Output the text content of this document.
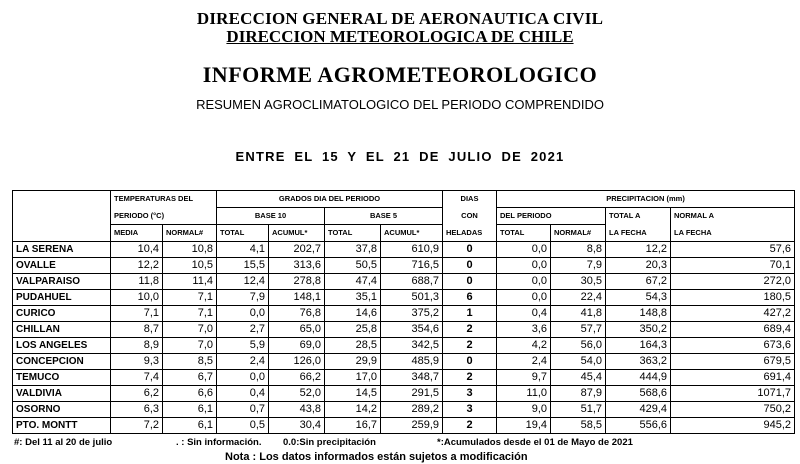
DIRECCION GENERAL DE AERONAUTICA CIVIL
DIRECCION METEOROLOGICA DE CHILE
INFORME AGROMETEOROLOGICO
RESUMEN AGROCLIMATOLOGICO DEL PERIODO COMPRENDIDO
ENTRE EL 15 Y EL 21 DE JULIO DE 2021
	TEMPERATURAS DEL		GRADOS DIA DEL PERIODO				DIAS	PRECIPITACION (mm)			
	PERIODO (°C)		BASE 10		BASE 5		CON	DEL PERIODO		TOTAL A	NORMAL A
	MEDIA	NORMAL#	TOTAL	ACUMUL*	TOTAL	ACUMUL*	HELADAS	TOTAL	NORMAL#	LA FECHA	LA FECHA
LA SERENA	10,4	10,8	4,1	202,7	37,8	610,9	0	0,0	8,8	12,2	57,6
OVALLE	12,2	10,5	15,5	313,6	50,5	716,5	0	0,0	7,9	20,3	70,1
VALPARAISO	11,8	11,4	12,4	278,8	47,4	688,7	0	0,0	30,5	67,2	272,0
PUDAHUEL	10,0	7,1	7,9	148,1	35,1	501,3	6	0,0	22,4	54,3	180,5
CURICO	7,1	7,1	0,0	76,8	14,6	375,2	1	0,4	41,8	148,8	427,2
CHILLAN	8,7	7,0	2,7	65,0	25,8	354,6	2	3,6	57,7	350,2	689,4
LOS ANGELES	8,9	7,0	5,9	69,0	28,5	342,5	2	4,2	56,0	164,3	673,6
CONCEPCION	9,3	8,5	2,4	126,0	29,9	485,9	0	2,4	54,0	363,2	679,5
TEMUCO	7,4	6,7	0,0	66,2	17,0	348,7	2	9,7	45,4	444,9	691,4
VALDIVIA	6,2	6,6	0,4	52,0	14,5	291,5	3	11,0	87,9	568,6	1071,7
OSORNO	6,3	6,1	0,7	43,8	14,2	289,2	3	9,0	51,7	429,4	750,2
PTO. MONTT	7,2	6,1	0,5	30,4	16,7	259,9	2	19,4	58,5	556,6	945,2
#: Del 11 al 20 de julio	. : Sin información. 0.0:Sin precipitación	*:Acumulados desde el 01 de Mayo de 2021
Nota : Los datos informados están sujetos a modificación
